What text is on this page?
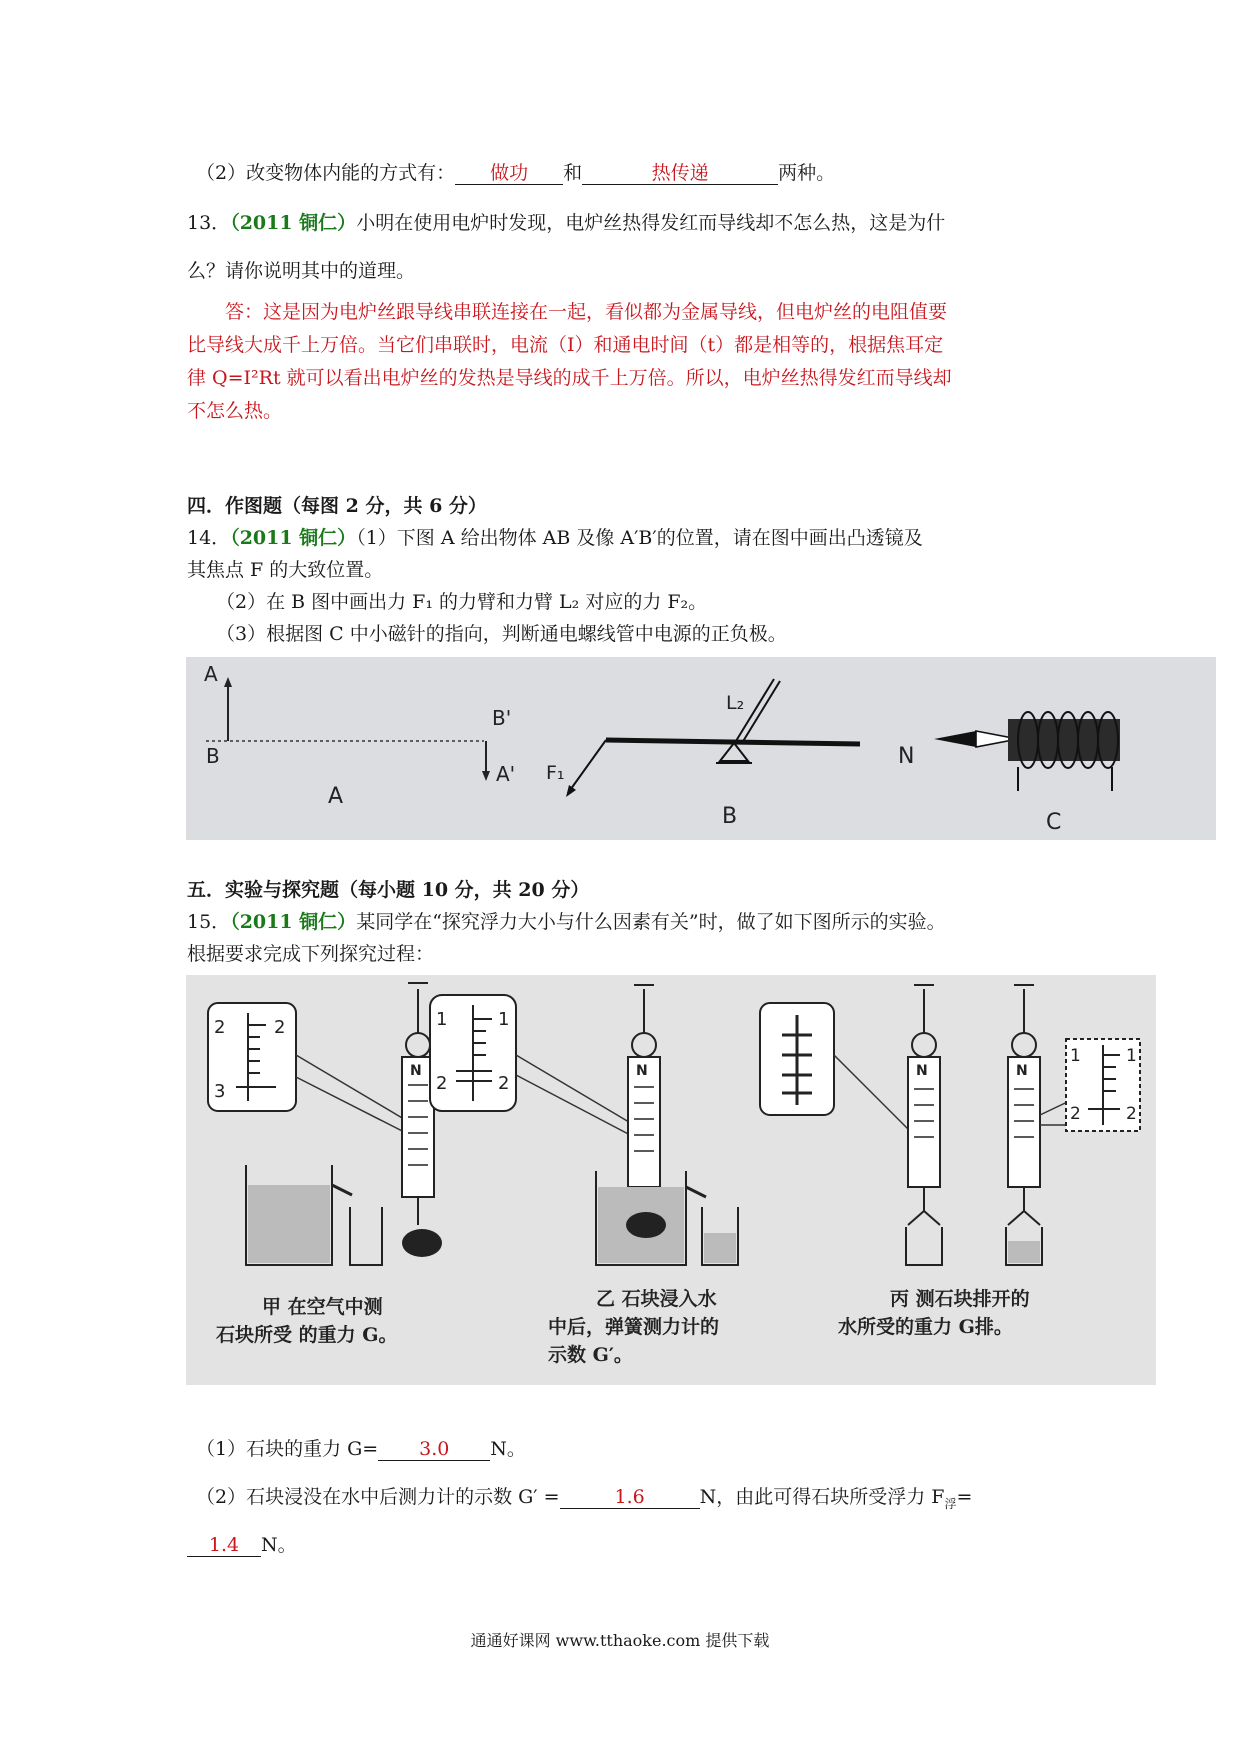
（2）改变物体内能的方式有： 做功 和	热传递	两种。
13．（2011 铜仁）小明在使用电炉时发现，电炉丝热得发红而导线却不怎么热，这是为什
么？请你说明其中的道理。
答：这是因为电炉丝跟导线串联连接在一起，看似都为金属导线，但电炉丝的电阻值要
比导线大成千上万倍。当它们串联时，电流（I）和通电时间（t）都是相等的，根据焦耳定
律 Q=I²Rt 就可以看出电炉丝的发热是导线的成千上万倍。所以，电炉丝热得发红而导线却
不怎么热。
四．作图题（每图 2 分，共 6 分）
14．（2011 铜仁）（1）下图 A 给出物体 AB 及像 A′B′的位置，请在图中画出凸透镜及
其焦点 F 的大致位置。
（2）在 B 图中画出力 F₁ 的力臂和力臂 L₂ 对应的力 F₂。
（3）根据图 C 中小磁针的指向，判断通电螺线管中电源的正负极。
A
B
B'
A'
A
L₂
F₁
B
N
C
五．实验与探究题（每小题 10 分，共 20 分）
15．（2011 铜仁）某同学在“探究浮力大小与什么因素有关”时，做了如下图所示的实验。
根据要求完成下列探究过程：
2	2
3
N
甲 在空气中测
石块所受 的重力 G。
1	1
2	2
N
乙 石块浸入水
中后，弹簧测力计的
示数 G′。
N	N
1	1
2	2
丙 测石块排开的
水所受的重力 G排。
（1）石块的重力 G= 3.0 N。
（2）石块浸没在水中后测力计的示数 G′ =	1.6	N，由此可得石块所受浮力 $F_浮=$
1.4 N。
通通好课网 www.tthaoke.com 提供下载
